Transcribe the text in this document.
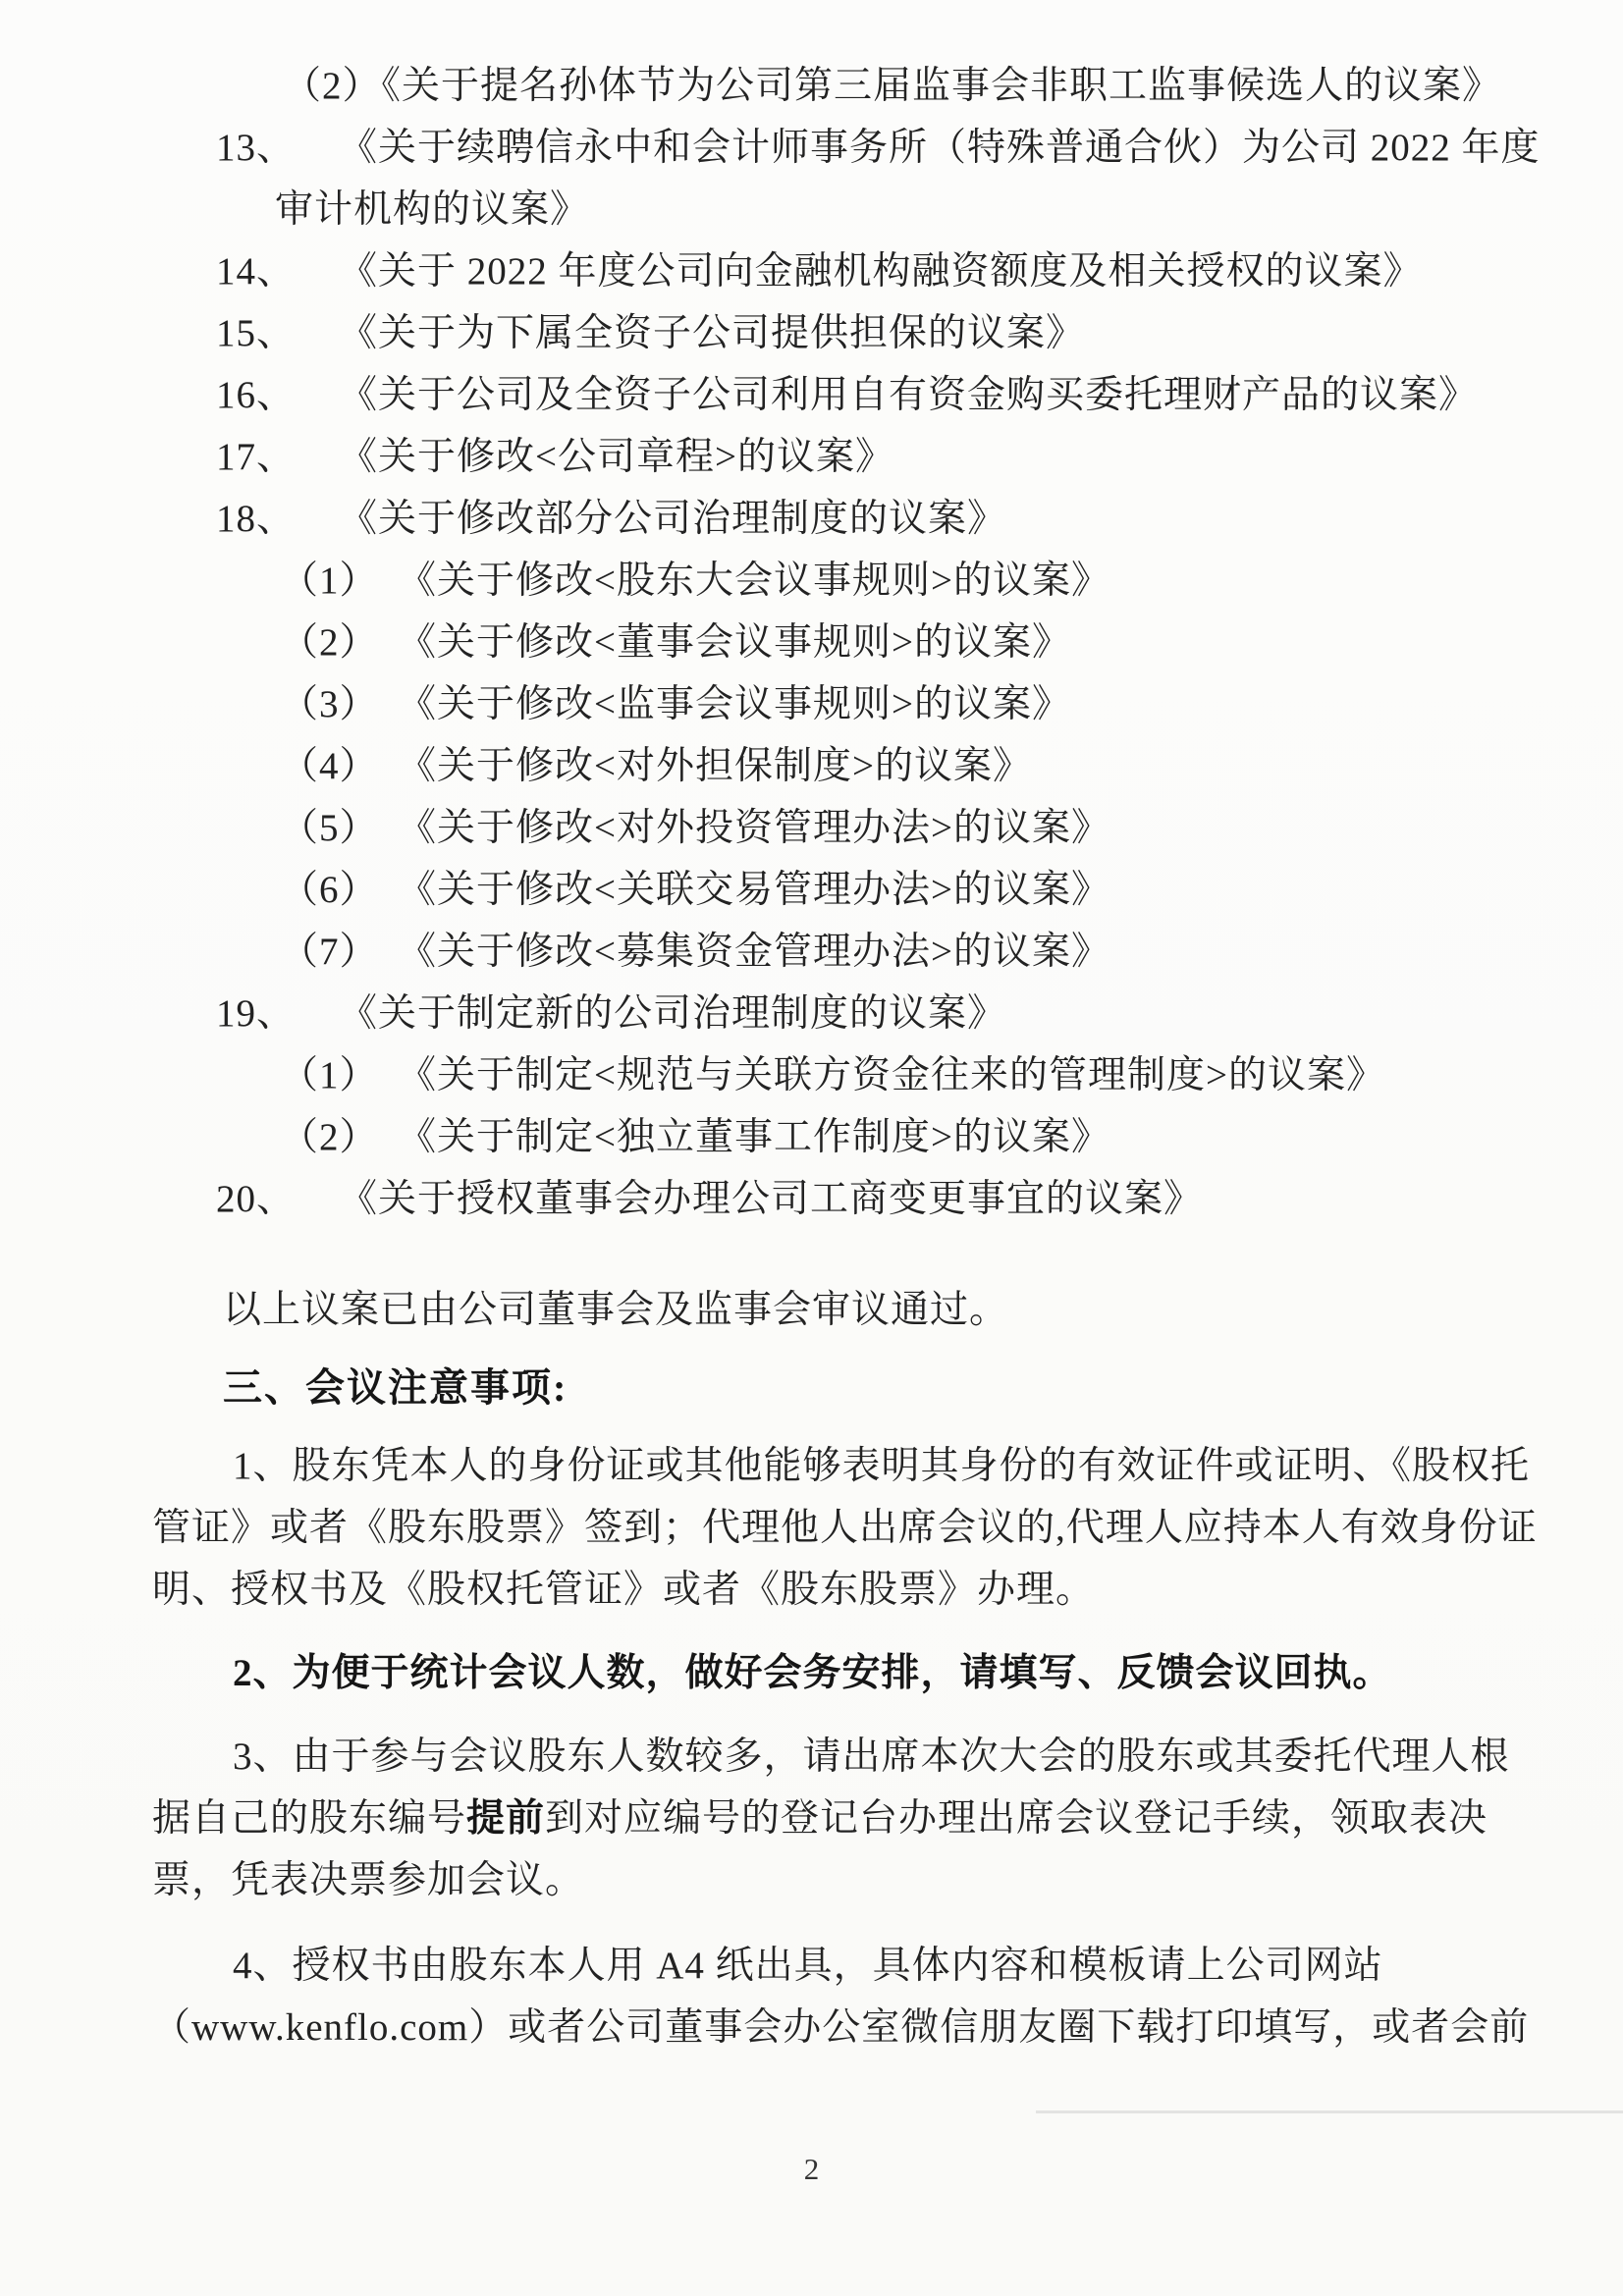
（2）《关于提名孙体节为公司第三届监事会非职工监事候选人的议案》
13、 《关于续聘信永中和会计师事务所（特殊普通合伙）为公司 2022 年度审计机构的议案》
14、 《关于 2022 年度公司向金融机构融资额度及相关授权的议案》
15、 《关于为下属全资子公司提供担保的议案》
16、 《关于公司及全资子公司利用自有资金购买委托理财产品的议案》
17、 《关于修改<公司章程>的议案》
18、 《关于修改部分公司治理制度的议案》
（1） 《关于修改<股东大会议事规则>的议案》
（2） 《关于修改<董事会议事规则>的议案》
（3） 《关于修改<监事会议事规则>的议案》
（4） 《关于修改<对外担保制度>的议案》
（5） 《关于修改<对外投资管理办法>的议案》
（6） 《关于修改<关联交易管理办法>的议案》
（7） 《关于修改<募集资金管理办法>的议案》
19、 《关于制定新的公司治理制度的议案》
（1） 《关于制定<规范与关联方资金往来的管理制度>的议案》
（2） 《关于制定<独立董事工作制度>的议案》
20、 《关于授权董事会办理公司工商变更事宜的议案》

以上议案已由公司董事会及监事会审议通过。

三、会议注意事项:

1、股东凭本人的身份证或其他能够表明其身份的有效证件或证明、《股权托管证》或者《股东股票》签到；代理他人出席会议的,代理人应持本人有效身份证明、授权书及《股权托管证》或者《股东股票》办理。

2、为便于统计会议人数，做好会务安排，请填写、反馈会议回执。

3、由于参与会议股东人数较多，请出席本次大会的股东或其委托代理人根据自己的股东编号提前到对应编号的登记台办理出席会议登记手续，领取表决票，凭表决票参加会议。

4、授权书由股东本人用 A4 纸出具，具体内容和模板请上公司网站（www.kenflo.com）或者公司董事会办公室微信朋友圈下载打印填写，或者会前

2
